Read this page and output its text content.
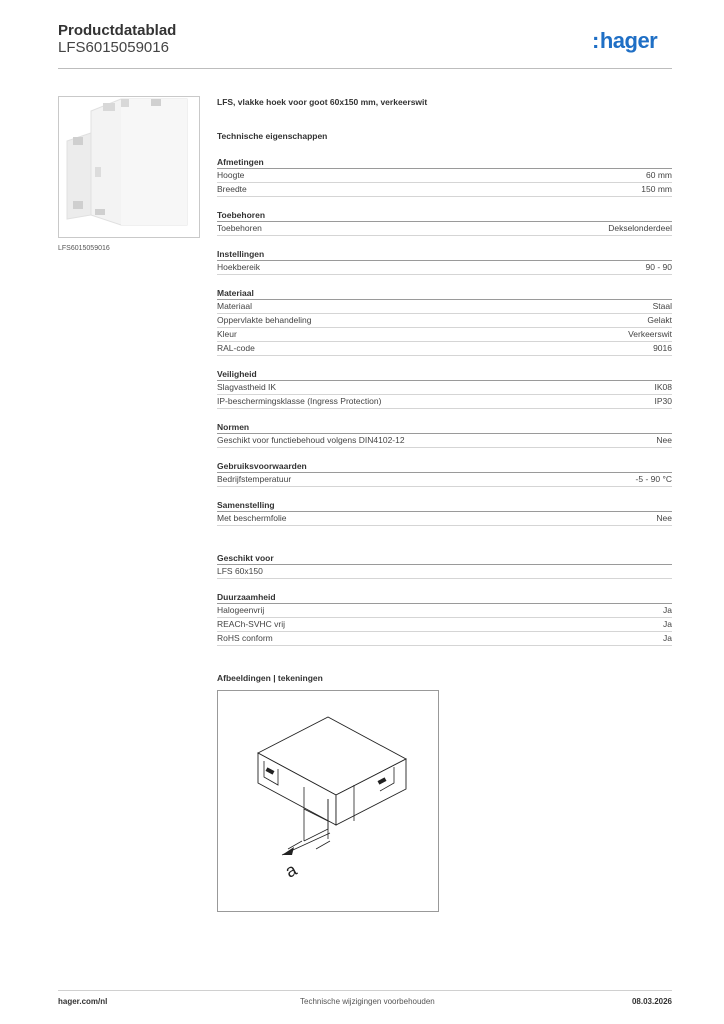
Productdatablad
LFS6015059016	:hager
LFS6015059016
LFS, vlakke hoek voor goot 60x150 mm, verkeerswit
Technische eigenschappen
Afmetingen
Hoogte	60 mm
Breedte	150 mm
Toebehoren
Toebehoren	Dekselonderdeel
Instellingen
Hoekbereik	90 - 90
Materiaal
Materiaal	Staal
Oppervlakte behandeling	Gelakt
Kleur	Verkeerswit
RAL-code	9016
Veiligheid
Slagvastheid IK	IK08
IP-beschermingsklasse (Ingress Protection)	IP30
Normen
Geschikt voor functiebehoud volgens DIN4102-12	Nee
Gebruiksvoorwaarden
Bedrijfstemperatuur	-5 - 90 °C
Samenstelling
Met beschermfolie	Nee
Geschikt voor
LFS 60x150
Duurzaamheid
Halogeenvrij	Ja
REACh-SVHC vrij	Ja
RoHS conform	Ja
Afbeeldingen | tekeningen
a
hager.com/nl	Technische wijzigingen voorbehouden	08.03.2026
